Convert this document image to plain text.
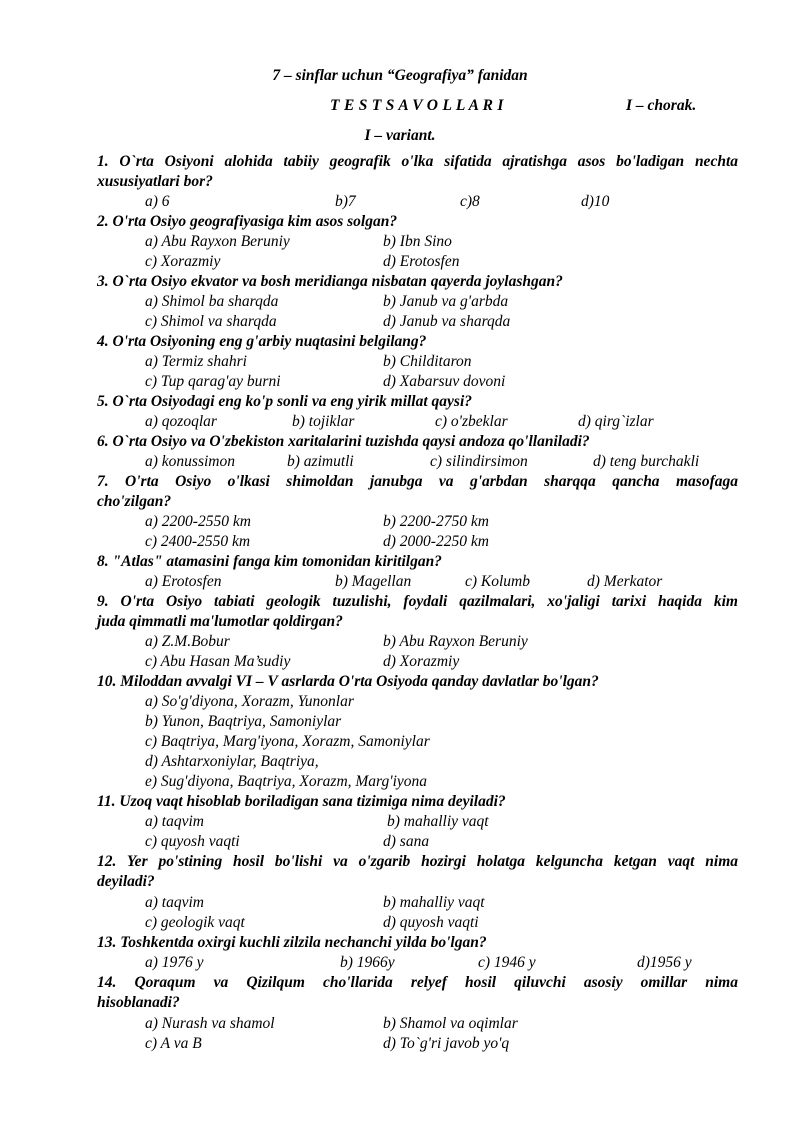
7 – sinflar uchun “Geografiya” fanidan
T E S T S A V O L L A R I	I – chorak.
I – variant.
1. O`rta Osiyoni alohida tabiiy geografik o'lka sifatida ajratishga asos bo'ladigan nechta
xususiyatlari bor?
a) 6	b)7	c)8	d)10
2. O'rta Osiyo geografiyasiga kim asos solgan?
a) Abu Rayxon Beruniy	b) Ibn Sino
c) Xorazmiy	d) Erotosfen
3. O`rta Osiyo ekvator va bosh meridianga nisbatan qayerda joylashgan?
a) Shimol ba sharqda	b) Janub va g'arbda
c) Shimol va sharqda	d) Janub va sharqda
4. O'rta Osiyoning eng g'arbiy nuqtasini belgilang?
a) Termiz shahri	b) Childitaron
c) Tup qarag'ay burni	d) Xabarsuv dovoni
5. O`rta Osiyodagi eng ko'p sonli va eng yirik millat qaysi?
a) qozoqlar	b) tojiklar	c) o'zbeklar	d) qirg`izlar
6. O`rta Osiyo va O'zbekiston xaritalarini tuzishda qaysi andoza qo'llaniladi?
a) konussimon	b) azimutli	c) silindirsimon	d) teng burchakli
7. O'rta Osiyo o'lkasi shimoldan janubga va g'arbdan sharqqa qancha masofaga
cho'zilgan?
a) 2200-2550 km	b) 2200-2750 km
c) 2400-2550 km	d) 2000-2250 km
8. "Atlas" atamasini fanga kim tomonidan kiritilgan?
a) Erotosfen	b) Magellan	c) Kolumb	d) Merkator
9. O'rta Osiyo tabiati geologik tuzulishi, foydali qazilmalari, xo'jaligi tarixi haqida kim
juda qimmatli ma'lumotlar qoldirgan?
a) Z.M.Bobur	b) Abu Rayxon Beruniy
c) Abu Hasan Ma’sudiy	d) Xorazmiy
10. Miloddan avvalgi VI – V asrlarda O'rta Osiyoda qanday davlatlar bo'lgan?
a) So'g'diyona, Xorazm, Yunonlar
b) Yunon, Baqtriya, Samoniylar
c) Baqtriya, Marg'iyona, Xorazm, Samoniylar
d) Ashtarxoniylar, Baqtriya,
e) Sug'diyona, Baqtriya, Xorazm, Marg'iyona
11. Uzoq vaqt hisoblab boriladigan sana tizimiga nima deyiladi?
a) taqvim	b) mahalliy vaqt
c) quyosh vaqti	d) sana
12. Yer po'stining hosil bo'lishi va o'zgarib hozirgi holatga kelguncha ketgan vaqt nima
deyiladi?
a) taqvim	b) mahalliy vaqt
c) geologik vaqt	d) quyosh vaqti
13. Toshkentda oxirgi kuchli zilzila nechanchi yilda bo'lgan?
a) 1976 y	b) 1966y	c) 1946 y	d)1956 y
14. Qoraqum va Qizilqum cho'llarida relyef hosil qiluvchi asosiy omillar nima
hisoblanadi?
a) Nurash va shamol	b) Shamol va oqimlar
c) A va B	d) To`g'ri javob yo'q
